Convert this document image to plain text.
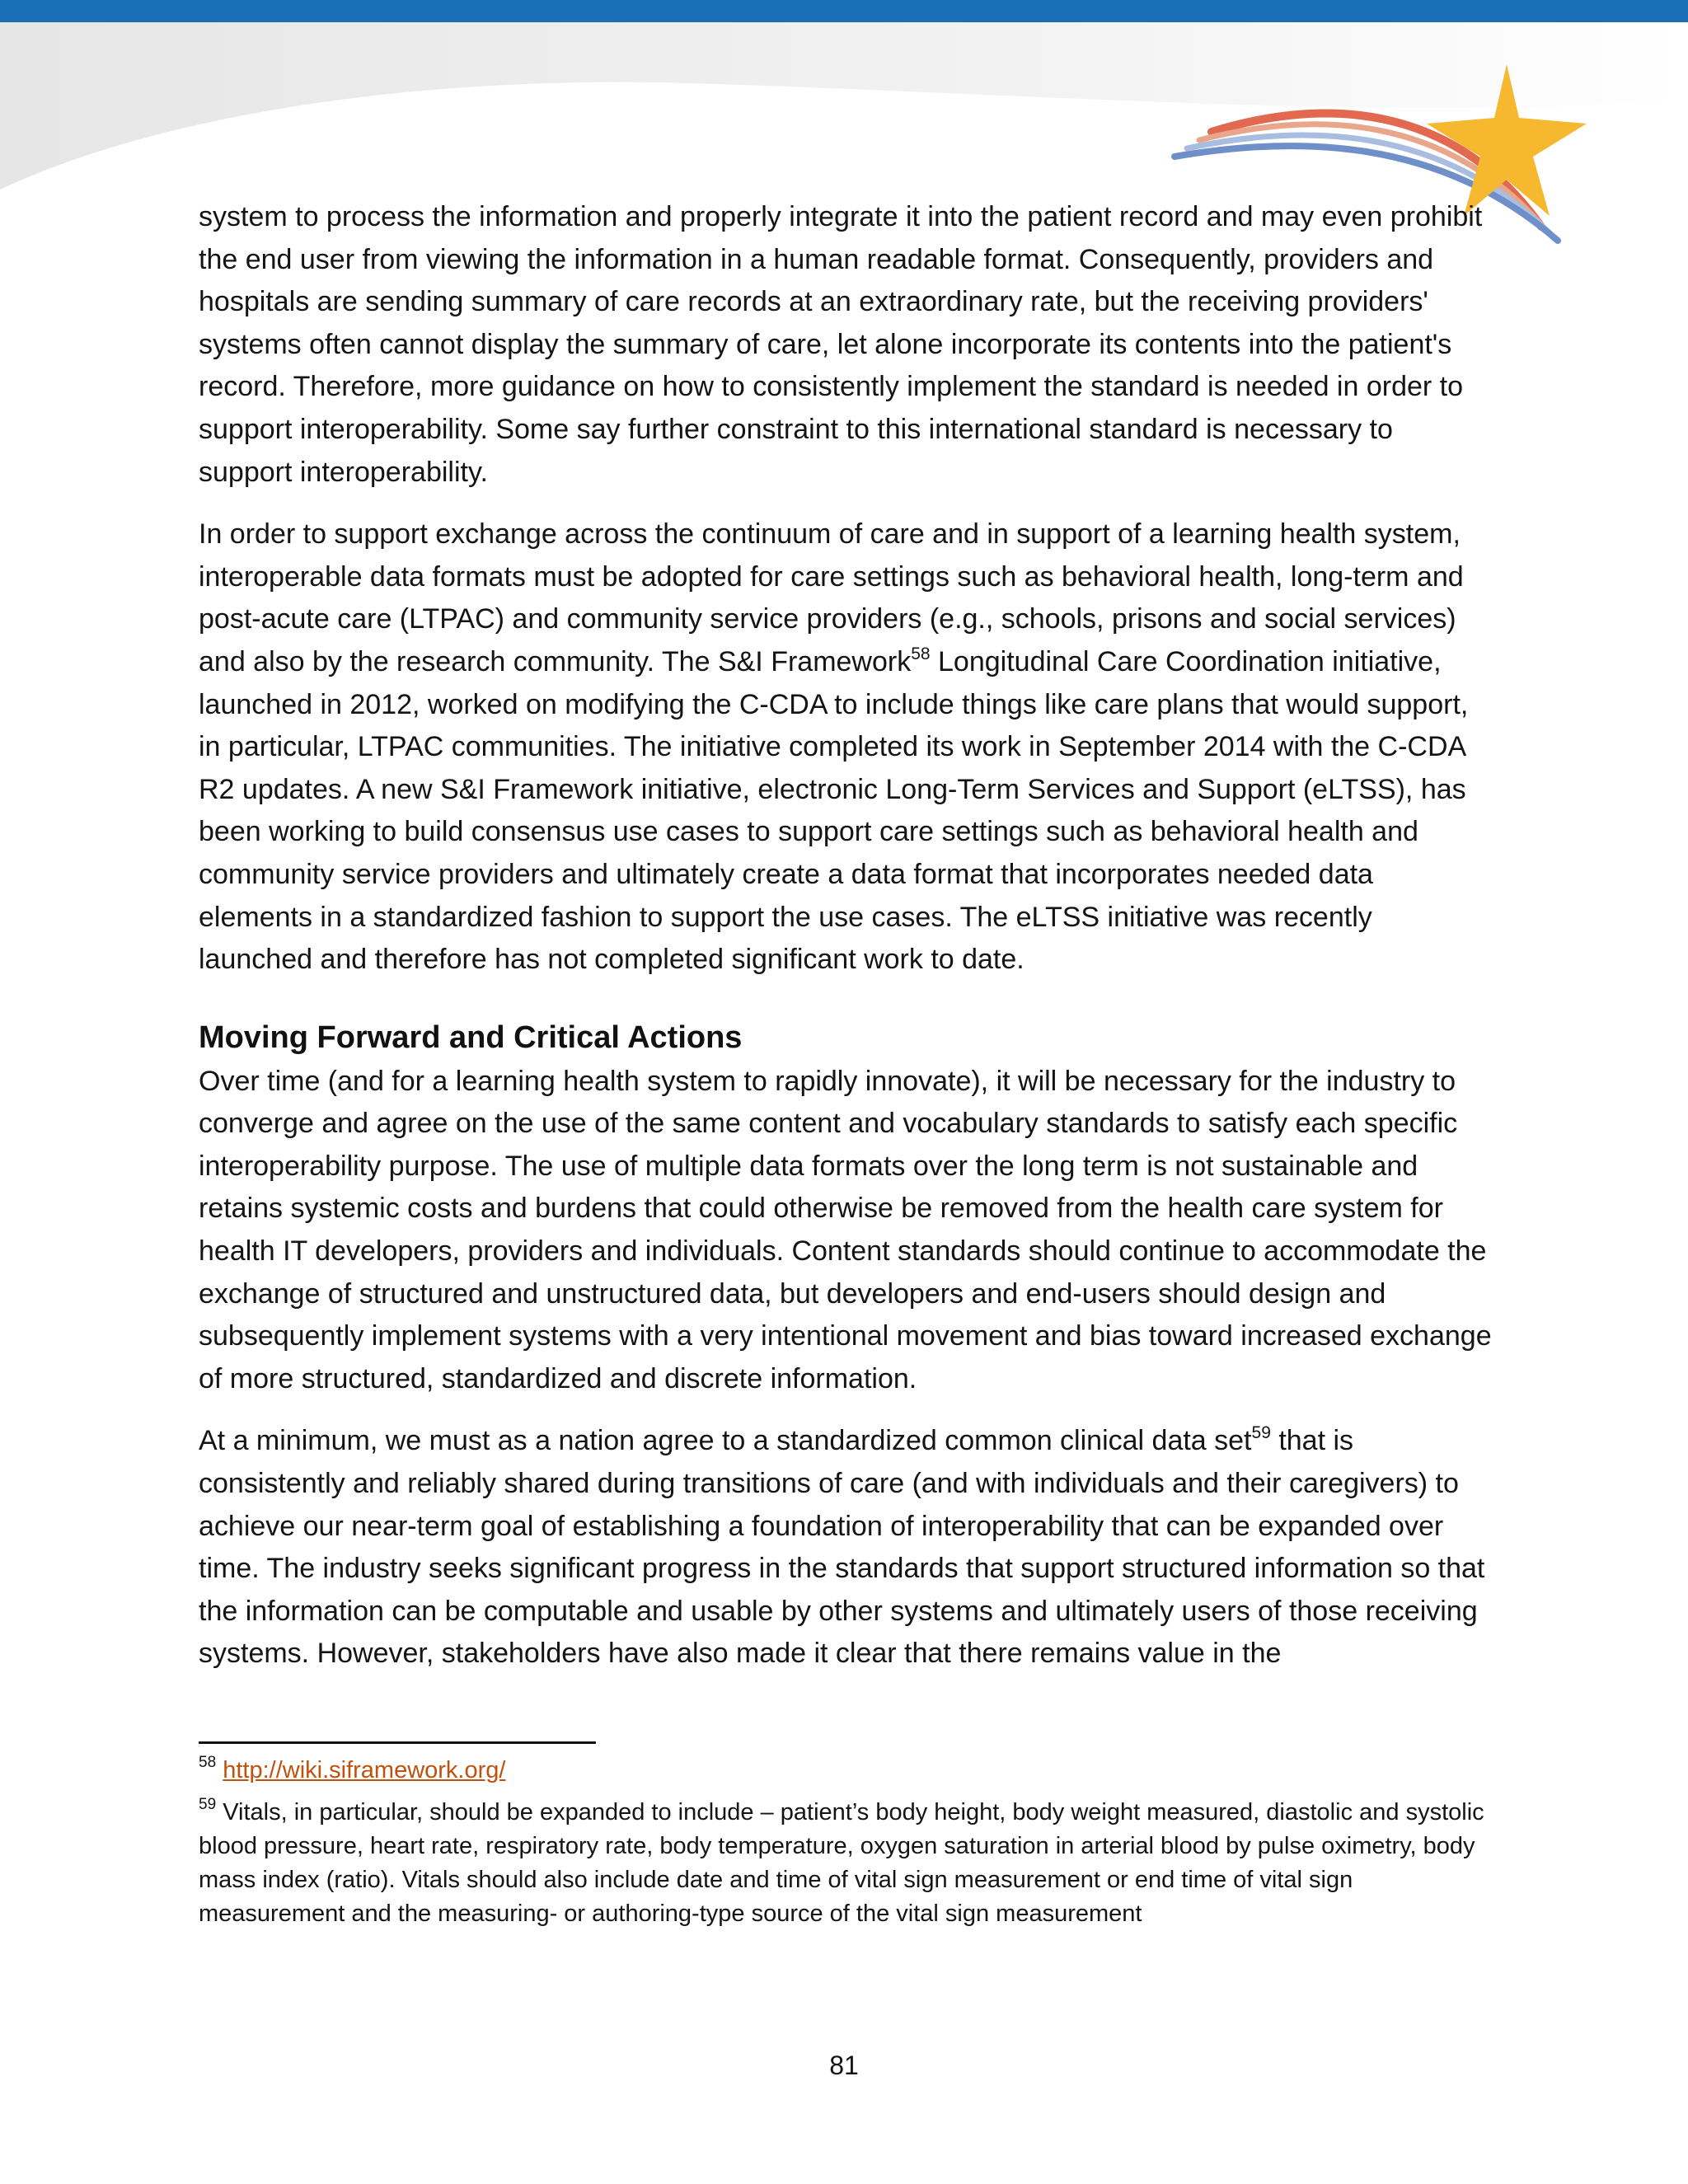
system to process the information and properly integrate it into the patient record and may even prohibit the end user from viewing the information in a human readable format. Consequently, providers and hospitals are sending summary of care records at an extraordinary rate, but the receiving providers' systems often cannot display the summary of care, let alone incorporate its contents into the patient's record. Therefore, more guidance on how to consistently implement the standard is needed in order to support interoperability. Some say further constraint to this international standard is necessary to support interoperability.

In order to support exchange across the continuum of care and in support of a learning health system, interoperable data formats must be adopted for care settings such as behavioral health, long-term and post-acute care (LTPAC) and community service providers (e.g., schools, prisons and social services) and also by the research community. The S&I Framework$^{58}$ Longitudinal Care Coordination initiative, launched in 2012, worked on modifying the C-CDA to include things like care plans that would support, in particular, LTPAC communities. The initiative completed its work in September 2014 with the C-CDA R2 updates. A new S&I Framework initiative, electronic Long-Term Services and Support (eLTSS), has been working to build consensus use cases to support care settings such as behavioral health and community service providers and ultimately create a data format that incorporates needed data elements in a standardized fashion to support the use cases. The eLTSS initiative was recently launched and therefore has not completed significant work to date.

Moving Forward and Critical Actions

Over time (and for a learning health system to rapidly innovate), it will be necessary for the industry to converge and agree on the use of the same content and vocabulary standards to satisfy each specific interoperability purpose. The use of multiple data formats over the long term is not sustainable and retains systemic costs and burdens that could otherwise be removed from the health care system for health IT developers, providers and individuals. Content standards should continue to accommodate the exchange of structured and unstructured data, but developers and end-users should design and subsequently implement systems with a very intentional movement and bias toward increased exchange of more structured, standardized and discrete information.

At a minimum, we must as a nation agree to a standardized common clinical data set$^{59}$ that is consistently and reliably shared during transitions of care (and with individuals and their caregivers) to achieve our near-term goal of establishing a foundation of interoperability that can be expanded over time. The industry seeks significant progress in the standards that support structured information so that the information can be computable and usable by other systems and ultimately users of those receiving systems. However, stakeholders have also made it clear that there remains value in the

$^{58}$ http://wiki.siframework.org/

$^{59}$ Vitals, in particular, should be expanded to include – patient’s body height, body weight measured, diastolic and systolic blood pressure, heart rate, respiratory rate, body temperature, oxygen saturation in arterial blood by pulse oximetry, body mass index (ratio). Vitals should also include date and time of vital sign measurement or end time of vital sign measurement and the measuring- or authoring-type source of the vital sign measurement

81
